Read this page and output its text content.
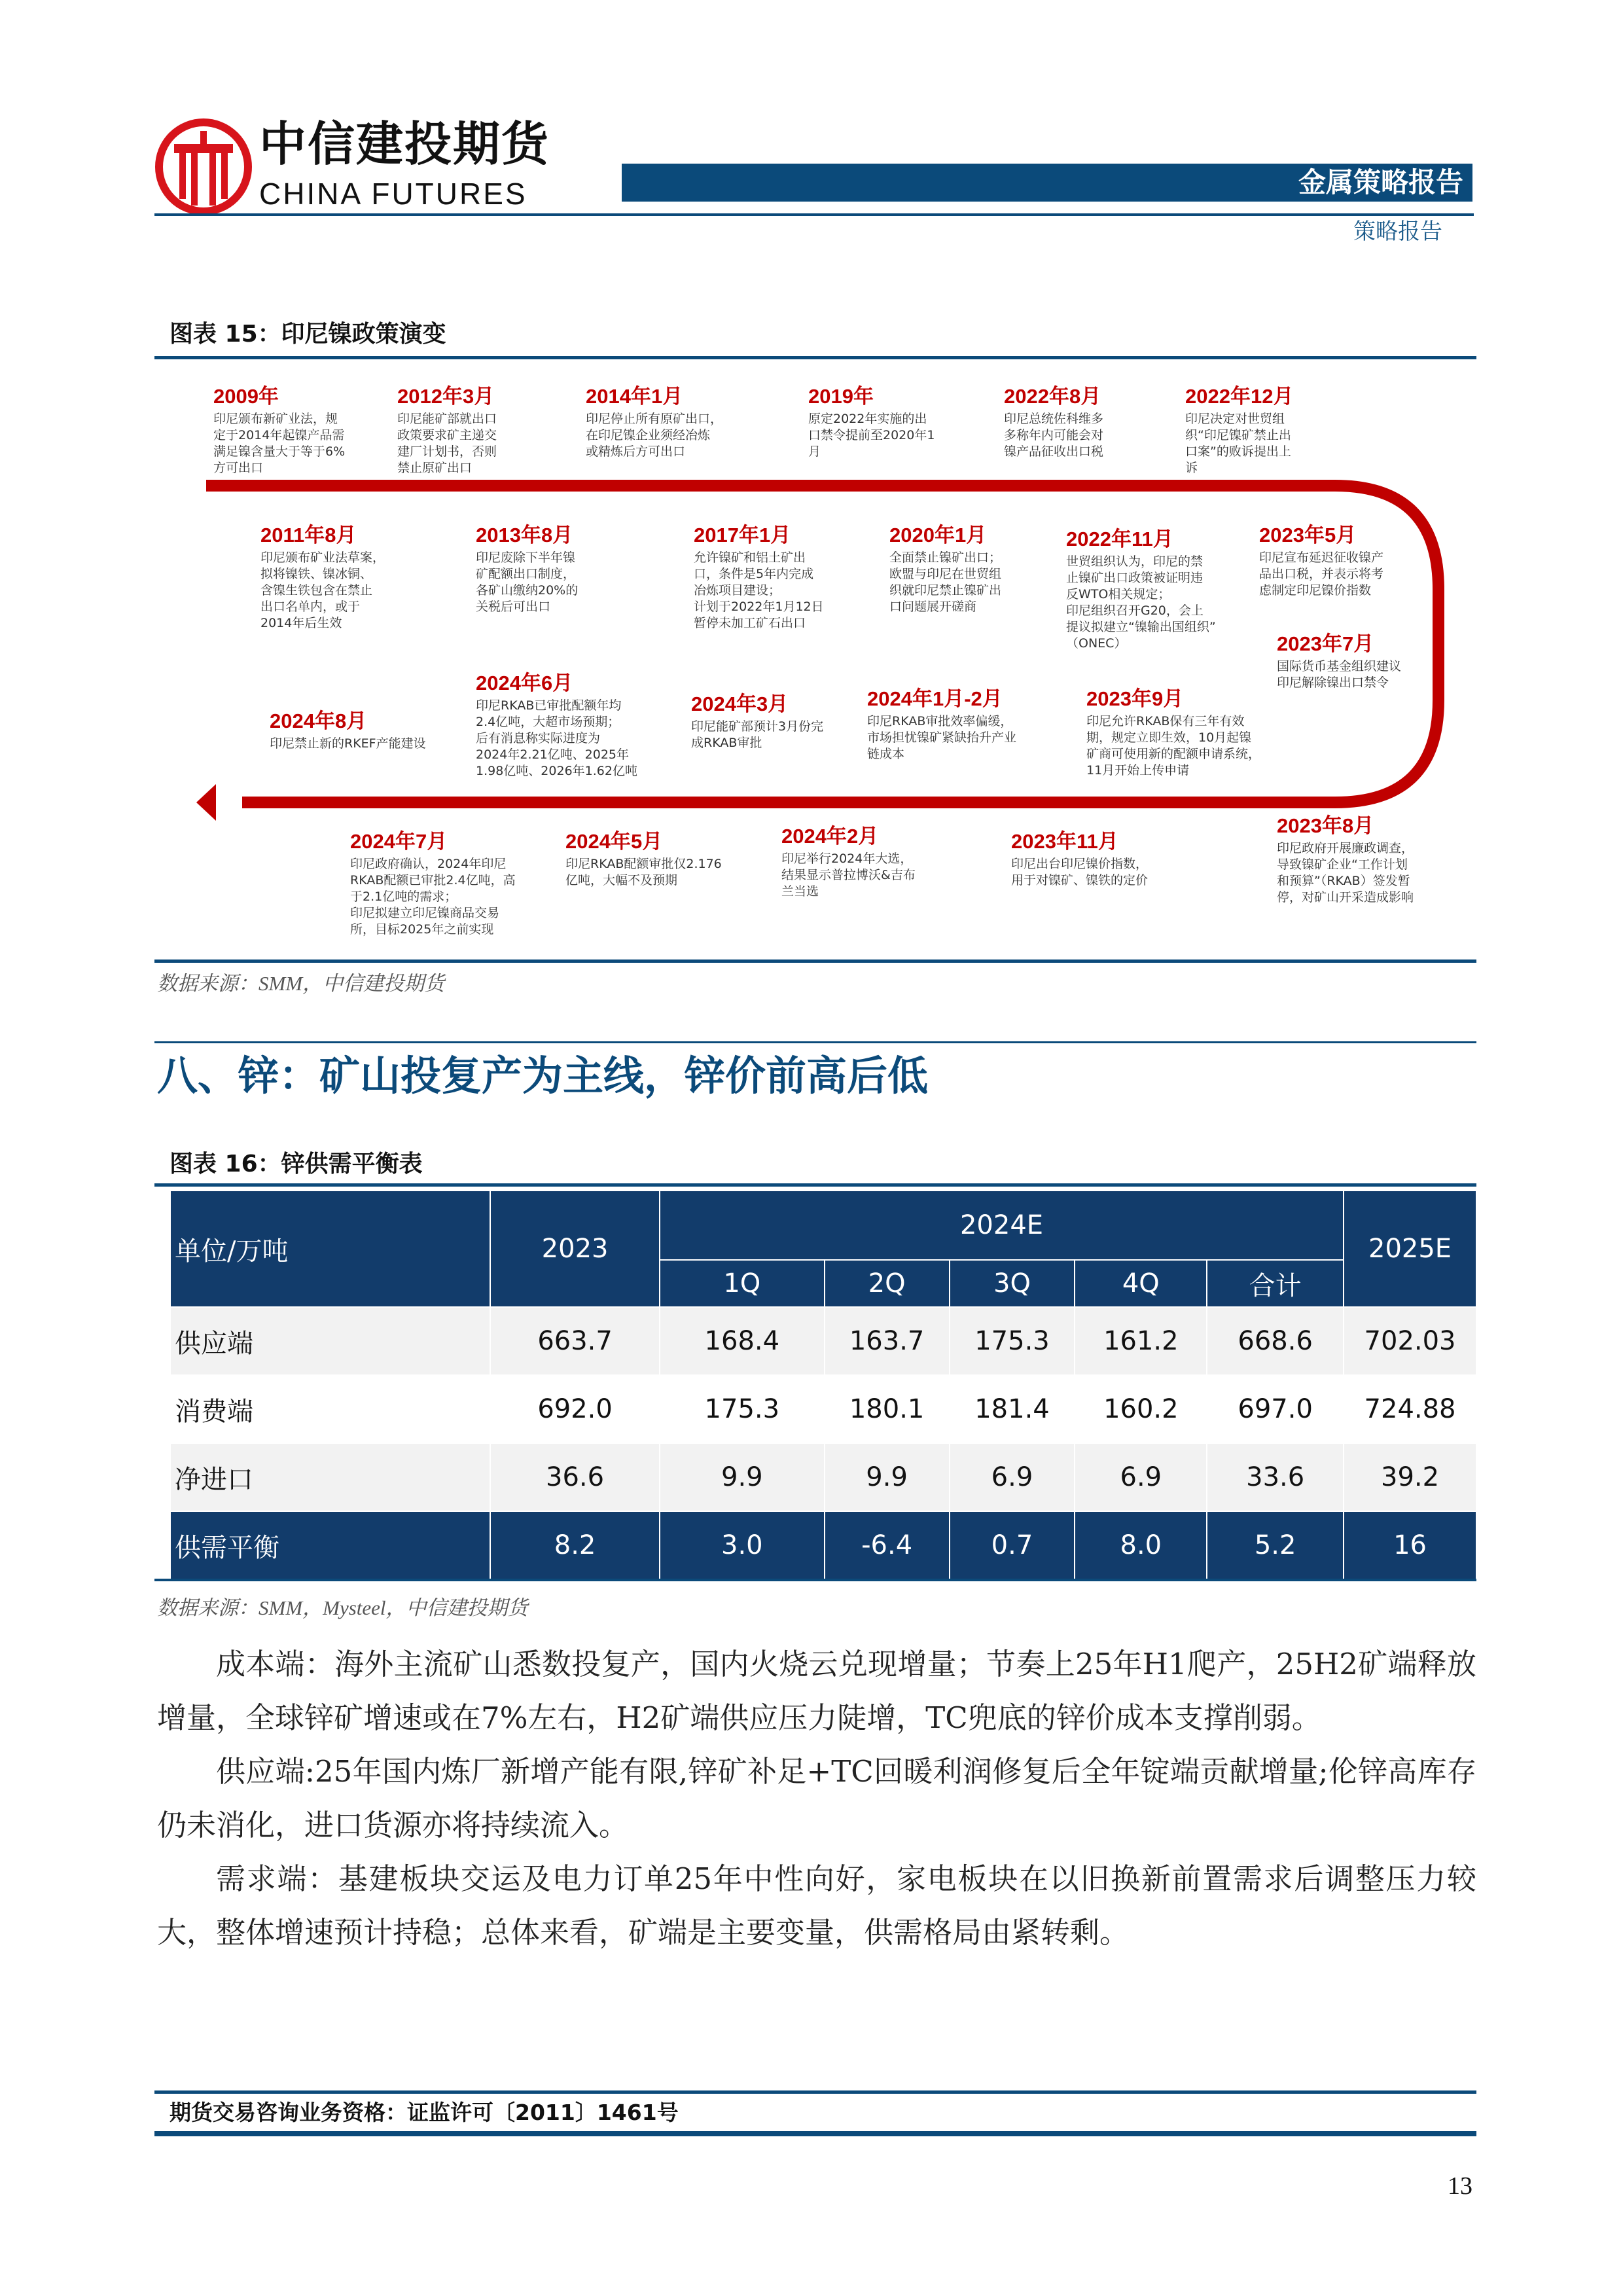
中信建投期货
CHINA FUTURES	金属策略报告
策略报告
图表 15：印尼镍政策演变
2009年
印尼颁布新矿业法，规
定于2014年起镍产品需
满足镍含量大于等于6%
方可出口
2012年3月
印尼能矿部就出口
政策要求矿主递交
建厂计划书，否则
禁止原矿出口
2014年1月
印尼停止所有原矿出口，
在印尼镍企业须经冶炼
或精炼后方可出口
2019年
原定2022年实施的出
口禁令提前至2020年1
月
2022年8月
印尼总统佐科维多
多称年内可能会对
镍产品征收出口税
2022年12月
印尼决定对世贸组
织“印尼镍矿禁止出
口案”的败诉提出上
诉
2011年8月
印尼颁布矿业法草案，
拟将镍铁、镍冰铜、
含镍生铁包含在禁止
出口名单内，或于
2014年后生效
2013年8月
印尼废除下半年镍
矿配额出口制度，
各矿山缴纳20%的
关税后可出口
2017年1月
允许镍矿和铝土矿出
口，条件是5年内完成
冶炼项目建设；
计划于2022年1月12日
暂停未加工矿石出口
2020年1月
全面禁止镍矿出口；
欧盟与印尼在世贸组
织就印尼禁止镍矿出
口问题展开磋商
2022年11月
世贸组织认为，印尼的禁
止镍矿出口政策被证明违
反WTO相关规定；
印尼组织召开G20，会上
提议拟建立“镍输出国组织”
（ONEC）
2023年5月
印尼宣布延迟征收镍产
品出口税，并表示将考
虑制定印尼镍价指数
2023年7月
国际货币基金组织建议
印尼解除镍出口禁令
2024年8月
印尼禁止新的RKEF产能建设
2024年6月
印尼RKAB已审批配额年均
2.4亿吨，大超市场预期；
后有消息称实际进度为
2024年2.21亿吨、2025年
1.98亿吨、2026年1.62亿吨
2024年3月
印尼能矿部预计3月份完
成RKAB审批
2024年1月-2月
印尼RKAB审批效率偏缓，
市场担忧镍矿紧缺抬升产业
链成本
2023年9月
印尼允许RKAB保有三年有效
期，规定立即生效，10月起镍
矿商可使用新的配额申请系统，
11月开始上传申请
2024年7月
印尼政府确认，2024年印尼
RKAB配额已审批2.4亿吨，高
于2.1亿吨的需求；
印尼拟建立印尼镍商品交易
所，目标2025年之前实现
2024年5月
印尼RKAB配额审批仅2.176
亿吨，大幅不及预期
2024年2月
印尼举行2024年大选，
结果显示普拉博沃&吉布
兰当选
2023年11月
印尼出台印尼镍价指数，
用于对镍矿、镍铁的定价
2023年8月
印尼政府开展廉政调查，
导致镍矿企业“工作计划
和预算”（RKAB）签发暂
停，对矿山开采造成影响
数据来源：SMM，中信建投期货
八、锌：矿山投复产为主线，锌价前高后低
图表 16：锌供需平衡表
单位/万吨	2023	2024E					2025E
		1Q	2Q	3Q	4Q	合计	
供应端	663.7	168.4	163.7	175.3	161.2	668.6	702.03
消费端	692.0	175.3	180.1	181.4	160.2	697.0	724.88
净进口	36.6	9.9	9.9	6.9	6.9	33.6	39.2
供需平衡	8.2	3.0	-6.4	0.7	8.0	5.2	16
数据来源：SMM，Mysteel，中信建投期货

成本端：海外主流矿山悉数投复产，国内火烧云兑现增量；节奏上25年H1爬产，25H2矿端释放增量，全球锌矿增速或在7%左右，H2矿端供应压力陡增，TC兜底的锌价成本支撑削弱。

供应端:25年国内炼厂新增产能有限,锌矿补足+TC回暖利润修复后全年锭端贡献增量;伦锌高库存仍未消化，进口货源亦将持续流入。

需求端：基建板块交运及电力订单25年中性向好，家电板块在以旧换新前置需求后调整压力较大，整体增速预计持稳；总体来看，矿端是主要变量，供需格局由紧转剩。

期货交易咨询业务资格：证监许可〔2011〕1461号
13
